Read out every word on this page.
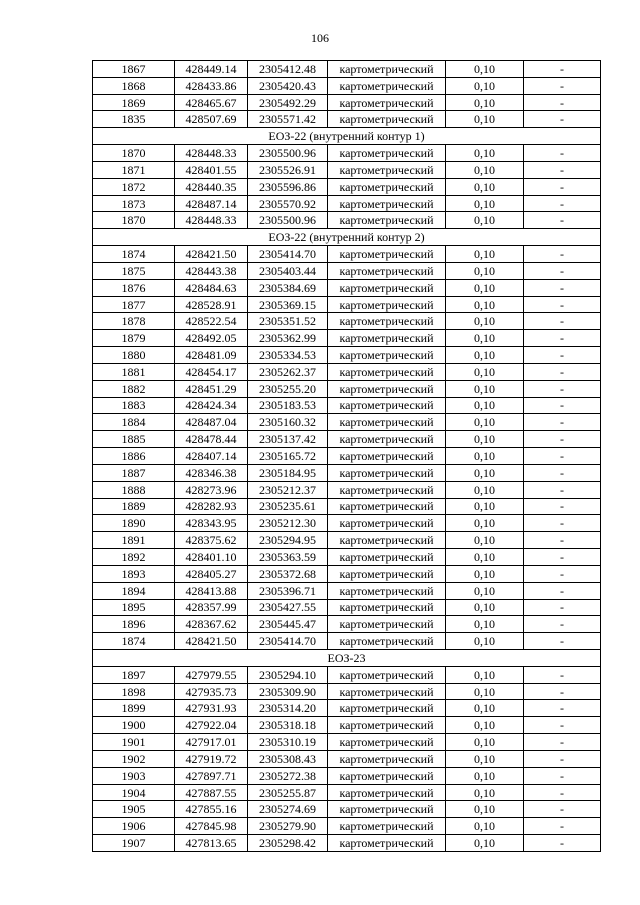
106
1867	428449.14	2305412.48	картометрический	0,10	-
1868	428433.86	2305420.43	картометрический	0,10	-
1869	428465.67	2305492.29	картометрический	0,10	-
1835	428507.69	2305571.42	картометрический	0,10	-
ЕОЗ-22 (внутренний контур 1)					
1870	428448.33	2305500.96	картометрический	0,10	-
1871	428401.55	2305526.91	картометрический	0,10	-
1872	428440.35	2305596.86	картометрический	0,10	-
1873	428487.14	2305570.92	картометрический	0,10	-
1870	428448.33	2305500.96	картометрический	0,10	-
ЕОЗ-22 (внутренний контур 2)					
1874	428421.50	2305414.70	картометрический	0,10	-
1875	428443.38	2305403.44	картометрический	0,10	-
1876	428484.63	2305384.69	картометрический	0,10	-
1877	428528.91	2305369.15	картометрический	0,10	-
1878	428522.54	2305351.52	картометрический	0,10	-
1879	428492.05	2305362.99	картометрический	0,10	-
1880	428481.09	2305334.53	картометрический	0,10	-
1881	428454.17	2305262.37	картометрический	0,10	-
1882	428451.29	2305255.20	картометрический	0,10	-
1883	428424.34	2305183.53	картометрический	0,10	-
1884	428487.04	2305160.32	картометрический	0,10	-
1885	428478.44	2305137.42	картометрический	0,10	-
1886	428407.14	2305165.72	картометрический	0,10	-
1887	428346.38	2305184.95	картометрический	0,10	-
1888	428273.96	2305212.37	картометрический	0,10	-
1889	428282.93	2305235.61	картометрический	0,10	-
1890	428343.95	2305212.30	картометрический	0,10	-
1891	428375.62	2305294.95	картометрический	0,10	-
1892	428401.10	2305363.59	картометрический	0,10	-
1893	428405.27	2305372.68	картометрический	0,10	-
1894	428413.88	2305396.71	картометрический	0,10	-
1895	428357.99	2305427.55	картометрический	0,10	-
1896	428367.62	2305445.47	картометрический	0,10	-
1874	428421.50	2305414.70	картометрический	0,10	-
ЕОЗ-23					
1897	427979.55	2305294.10	картометрический	0,10	-
1898	427935.73	2305309.90	картометрический	0,10	-
1899	427931.93	2305314.20	картометрический	0,10	-
1900	427922.04	2305318.18	картометрический	0,10	-
1901	427917.01	2305310.19	картометрический	0,10	-
1902	427919.72	2305308.43	картометрический	0,10	-
1903	427897.71	2305272.38	картометрический	0,10	-
1904	427887.55	2305255.87	картометрический	0,10	-
1905	427855.16	2305274.69	картометрический	0,10	-
1906	427845.98	2305279.90	картометрический	0,10	-
1907	427813.65	2305298.42	картометрический	0,10	-
